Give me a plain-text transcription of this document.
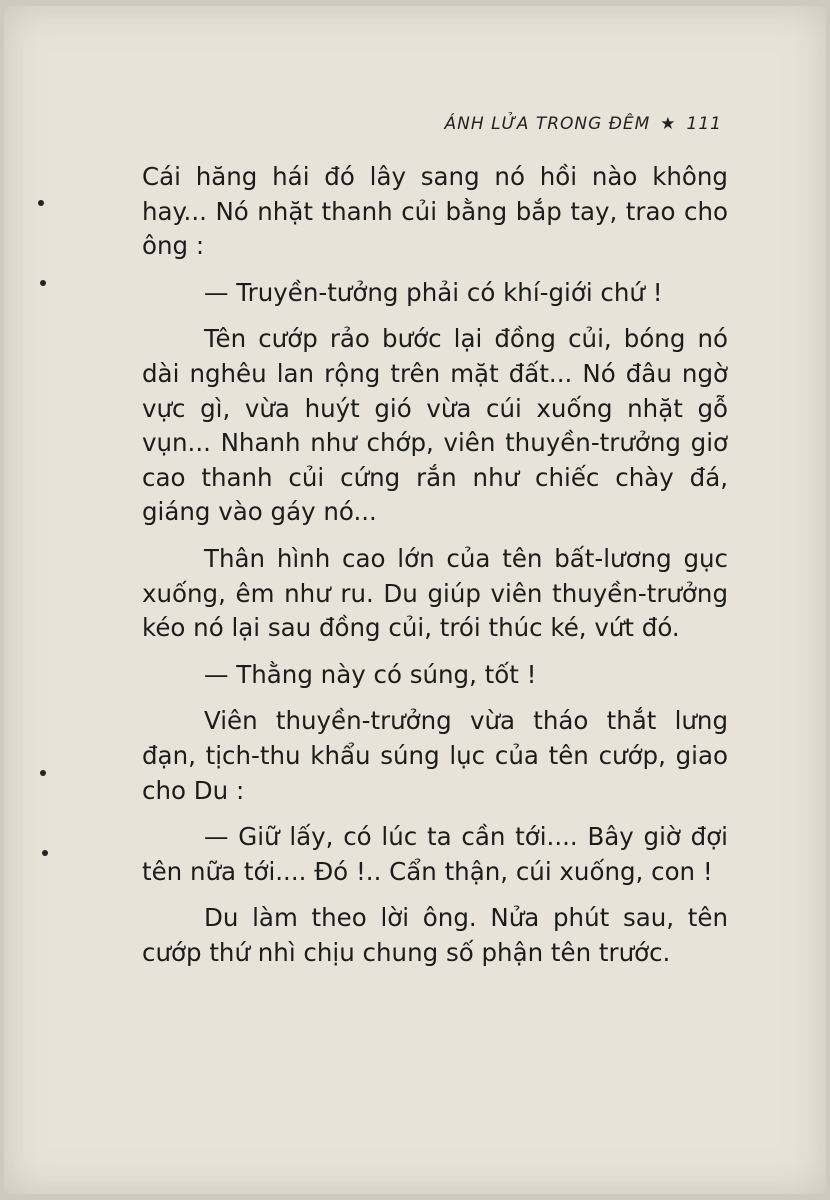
ÁNH LỬA TRONG ĐÊM ★ 111

Cái hăng hái đó lây sang nó hồi nào không hay... Nó nhặt thanh củi bằng bắp tay, trao cho ông :

— Truyền-tưởng phải có khí-giới chứ !

Tên cướp rảo bước lại đồng củi, bóng nó dài nghêu lan rộng trên mặt đất... Nó đâu ngờ vực gì, vừa huýt gió vừa cúi xuống nhặt gỗ vụn... Nhanh như chớp, viên thuyền-trưởng giơ cao thanh củi cứng rắn như chiếc chày đá, giáng vào gáy nó...

Thân hình cao lớn của tên bất-lương gục xuống, êm như ru. Du giúp viên thuyền-trưởng kéo nó lại sau đồng củi, trói thúc ké, vứt đó.

— Thằng này có súng, tốt !

Viên thuyền-trưởng vừa tháo thắt lưng đạn, tịch-thu khẩu súng lục của tên cướp, giao cho Du :

— Giữ lấy, có lúc ta cần tới.... Bây giờ đợi tên nữa tới.... Đó !.. Cẩn thận, cúi xuống, con !

Du làm theo lời ông. Nửa phút sau, tên cướp thứ nhì chịu chung số phận tên trước.
